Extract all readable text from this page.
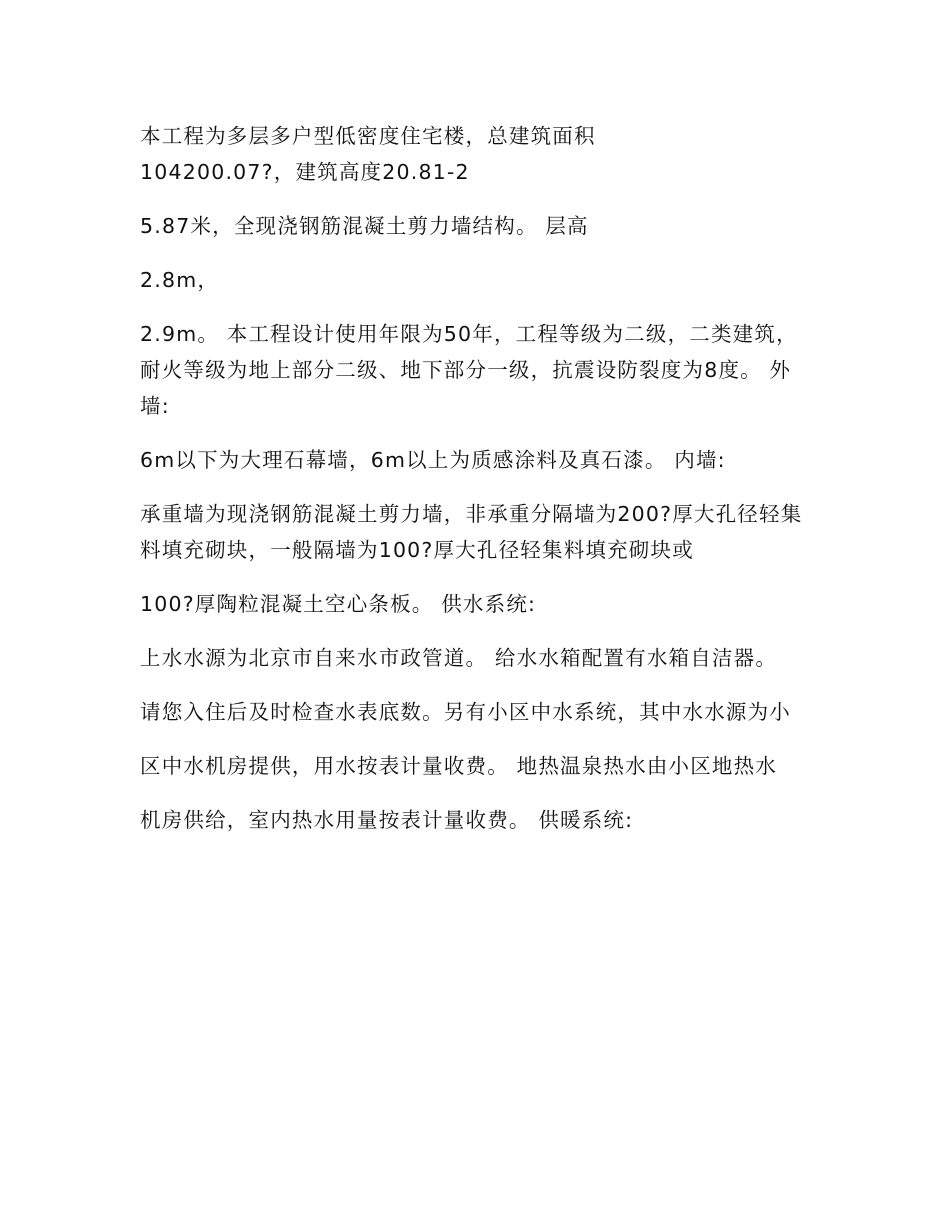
本工程为多层多户型低密度住宅楼，总建筑面积

104200.07?，建筑高度20.81-2

5.87米，全现浇钢筋混凝土剪力墙结构。 层高

2.8m，

2.9m。 本工程设计使用年限为50年，工程等级为二级，二类建筑，耐火等级为地上部分二级、地下部分一级，抗震设防裂度为8度。 外墙:

6m以下为大理石幕墙，6m以上为质感涂料及真石漆。 内墙:

承重墙为现浇钢筋混凝土剪力墙，非承重分隔墙为200?厚大孔径轻集料填充砌块，一般隔墙为100?厚大孔径轻集料填充砌块或

100?厚陶粒混凝土空心条板。 供水系统:

上水水源为北京市自来水市政管道。 给水水箱配置有水箱自洁器。

请您入住后及时检查水表底数。另有小区中水系统，其中水水源为小

区中水机房提供，用水按表计量收费。 地热温泉热水由小区地热水

机房供给，室内热水用量按表计量收费。 供暖系统:
